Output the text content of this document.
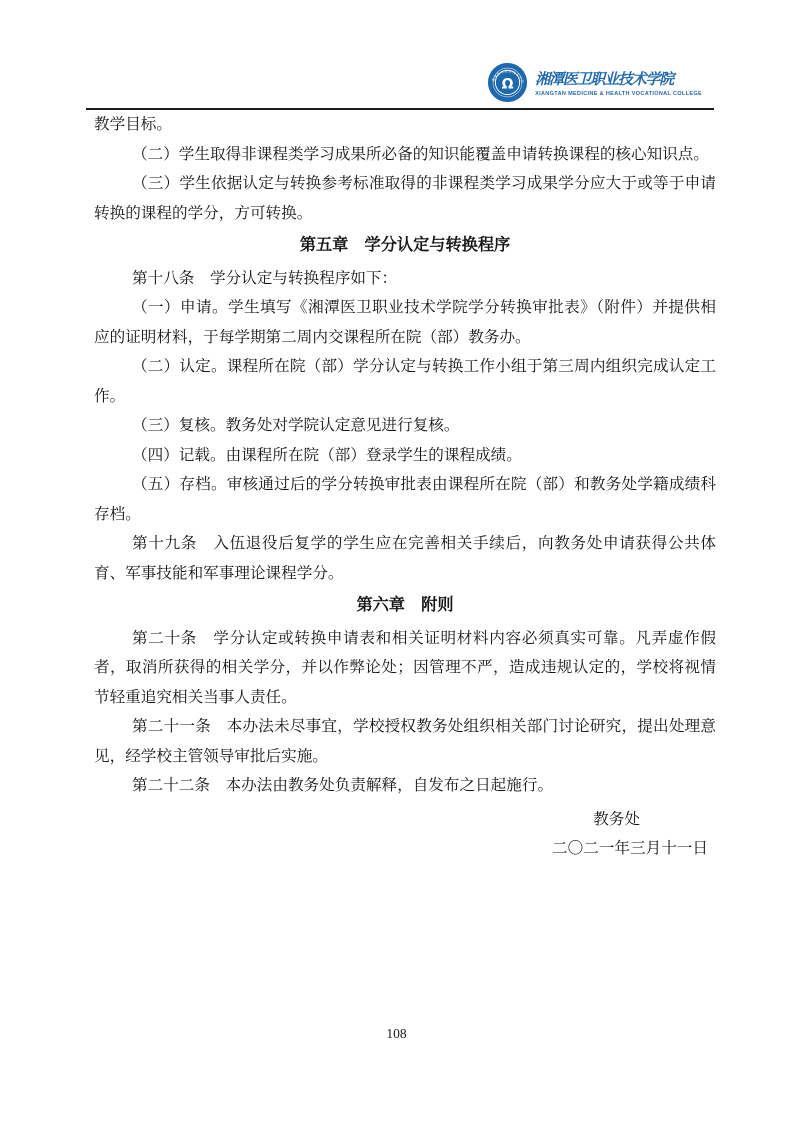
湘潭医卫职业技术学院
Ω 湘潭医卫职业技术学院
XIANGTAN MEDICINE & HEALTH VOCATIONAL COLLEGE

教学目标。

（二）学生取得非课程类学习成果所必备的知识能覆盖申请转换课程的核心知识点。

（三）学生依据认定与转换参考标准取得的非课程类学习成果学分应大于或等于申请转换的课程的学分，方可转换。

第五章　学分认定与转换程序

第十八条　学分认定与转换程序如下：

（一）申请。学生填写《湘潭医卫职业技术学院学分转换审批表》（附件）并提供相应的证明材料，于每学期第二周内交课程所在院（部）教务办。

（二）认定。课程所在院（部）学分认定与转换工作小组于第三周内组织完成认定工作。

（三）复核。教务处对学院认定意见进行复核。

（四）记载。由课程所在院（部）登录学生的课程成绩。

（五）存档。审核通过后的学分转换审批表由课程所在院（部）和教务处学籍成绩科存档。

第十九条　入伍退役后复学的学生应在完善相关手续后，向教务处申请获得公共体育、军事技能和军事理论课程学分。

第六章　附则

第二十条　学分认定或转换申请表和相关证明材料内容必须真实可靠。凡弄虚作假者，取消所获得的相关学分，并以作弊论处；因管理不严，造成违规认定的，学校将视情节轻重追究相关当事人责任。

第二十一条　本办法未尽事宜，学校授权教务处组织相关部门讨论研究，提出处理意见，经学校主管领导审批后实施。

第二十二条　本办法由教务处负责解释，自发布之日起施行。

教务处
二〇二一年三月十一日
108
